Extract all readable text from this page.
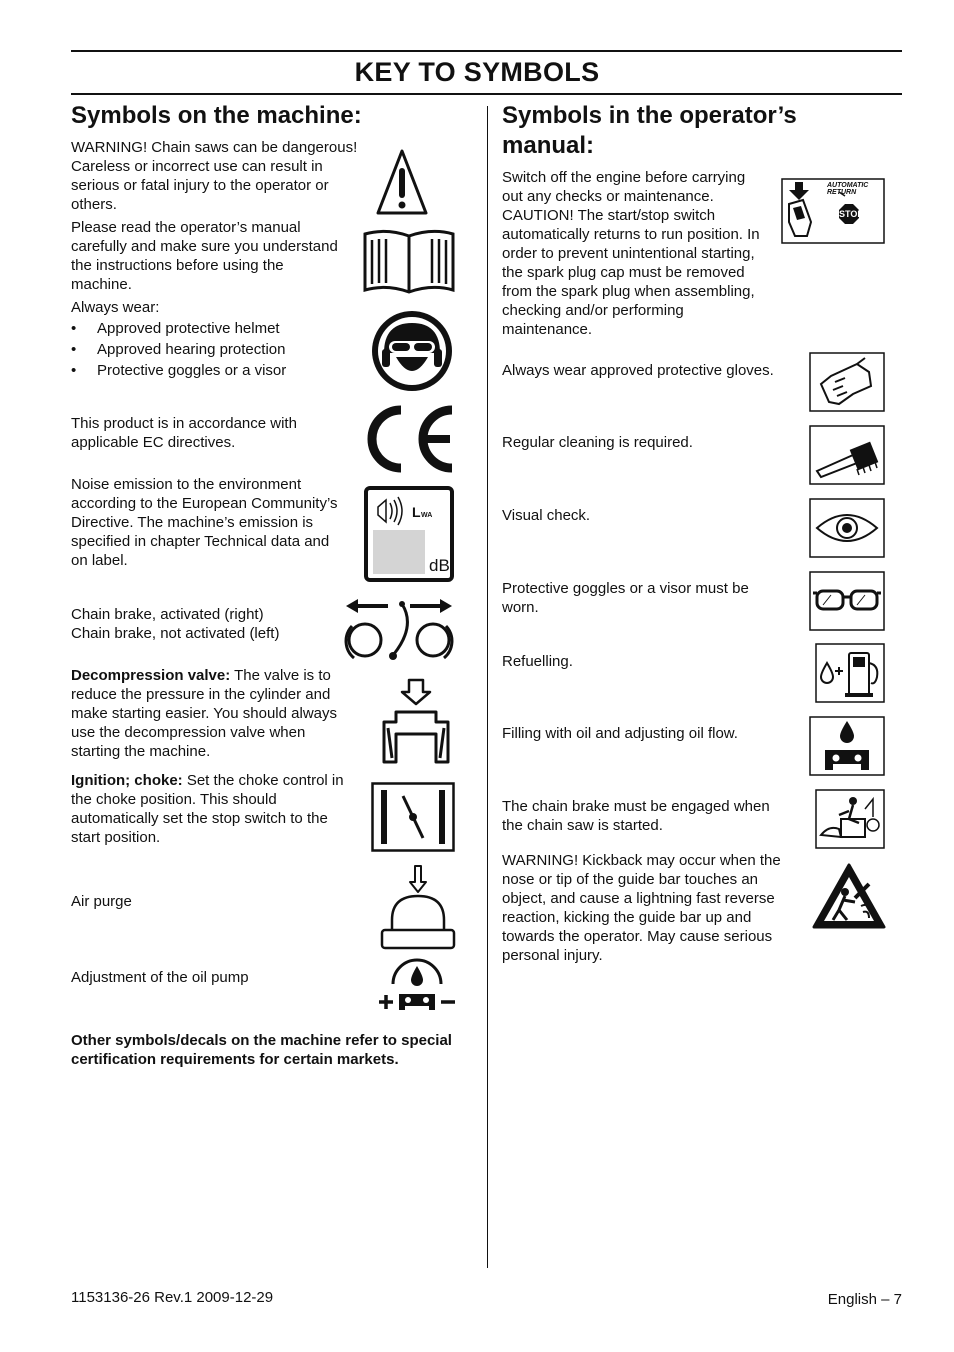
KEY TO SYMBOLS
Symbols on the machine:

WARNING! Chain saws can be dangerous! Careless or incorrect use can result in serious or fatal injury to the operator or others.

Please read the operator’s manual carefully and make sure you understand the instructions before using the machine.

Always wear:

• Approved protective helmet
• Approved hearing protection
• Protective goggles or a visor

This product is in accordance with applicable EC directives.

Noise emission to the environment according to the European Community’s Directive. The machine’s emission is specified in chapter Technical data and on label.

L WA
dB

Chain brake, activated (right)

Chain brake, not activated (left)

Decompression valve: The valve is to reduce the pressure in the cylinder and make starting easier. You should always use the decompression valve when starting the machine.

Ignition; choke: Set the choke control in the choke position. This should automatically set the stop switch to the start position.

Air purge

Adjustment of the oil pump

Other symbols/decals on the machine refer to special certification requirements for certain markets.

Symbols in the operator’s manual:

Switch off the engine before carrying out any checks or maintenance. CAUTION! The start/stop switch automatically returns to run position. In order to prevent unintentional starting, the spark plug cap must be removed from the spark plug when assembling, checking and/or performing maintenance.

AUTOMATIC RETURN
STOP

Always wear approved protective gloves.

Regular cleaning is required.

Visual check.

Protective goggles or a visor must be worn.

Refuelling.

Filling with oil and adjusting oil flow.

The chain brake must be engaged when the chain saw is started.

WARNING! Kickback may occur when the nose or tip of the guide bar touches an object, and cause a lightning fast reverse reaction, kicking the guide bar up and towards the operator. May cause serious personal injury.

1153136-26 Rev.1 2009-12-29	English – 7
